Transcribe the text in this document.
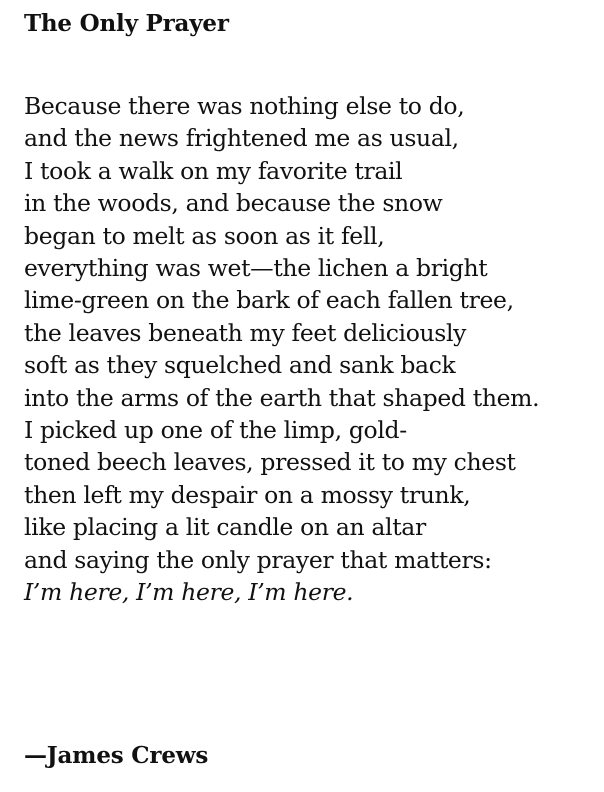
The Only Prayer
Because there was nothing else to do,
and the news frightened me as usual,
I took a walk on my favorite trail
in the woods, and because the snow
began to melt as soon as it fell,
everything was wet—the lichen a bright
lime-green on the bark of each fallen tree,
the leaves beneath my feet deliciously
soft as they squelched and sank back
into the arms of the earth that shaped them.
I picked up one of the limp, gold-
toned beech leaves, pressed it to my chest
then left my despair on a mossy trunk,
like placing a lit candle on an altar
and saying the only prayer that matters:
I’m here, I’m here, I’m here.

—James Crews
